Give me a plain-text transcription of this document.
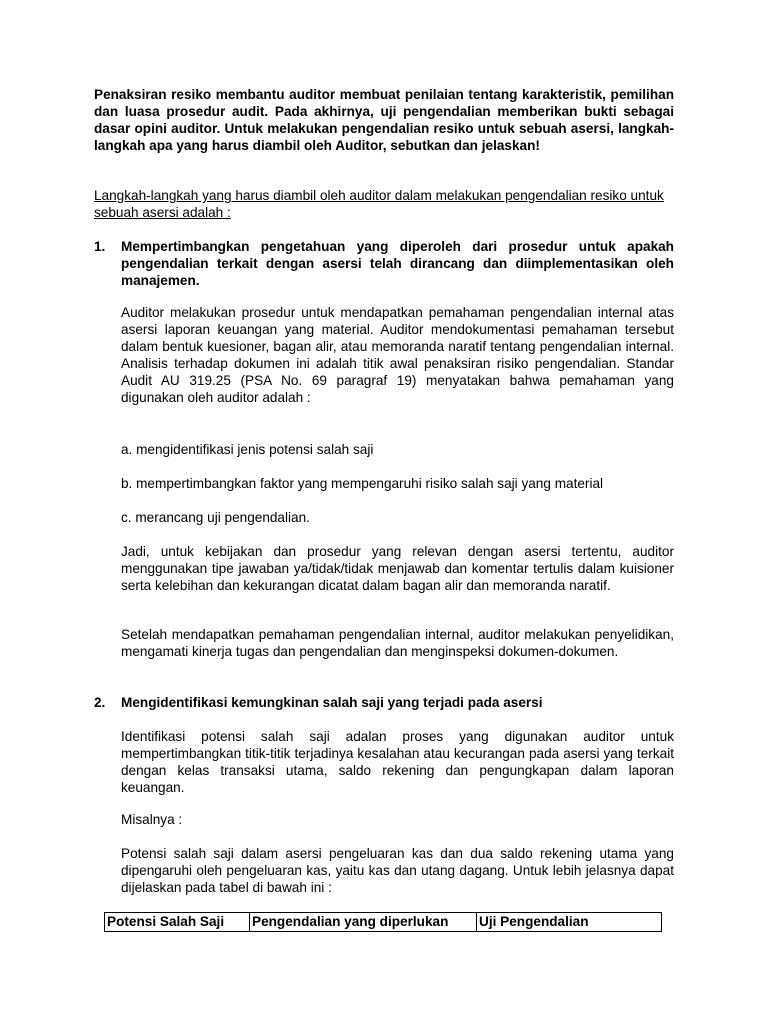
Penaksiran resiko membantu auditor membuat penilaian tentang karakteristik, pemilihan dan luasa prosedur audit. Pada akhirnya, uji pengendalian memberikan bukti sebagai dasar opini auditor. Untuk melakukan pengendalian resiko untuk sebuah asersi, langkah-langkah apa yang harus diambil oleh Auditor, sebutkan dan jelaskan!

Langkah-langkah yang harus diambil oleh auditor dalam melakukan pengendalian resiko untuk sebuah asersi adalah :

1. Mempertimbangkan pengetahuan yang diperoleh dari prosedur untuk apakah pengendalian terkait dengan asersi telah dirancang dan diimplementasikan oleh manajemen.

Auditor melakukan prosedur untuk mendapatkan pemahaman pengendalian internal atas asersi laporan keuangan yang material. Auditor mendokumentasi pemahaman tersebut dalam bentuk kuesioner, bagan alir, atau memoranda naratif tentang pengendalian internal. Analisis terhadap dokumen ini adalah titik awal penaksiran risiko pengendalian. Standar Audit AU 319.25 (PSA No. 69 paragraf 19) menyatakan bahwa pemahaman yang digunakan oleh auditor adalah :

a. mengidentifikasi jenis potensi salah saji

b. mempertimbangkan faktor yang mempengaruhi risiko salah saji yang material

c. merancang uji pengendalian.

Jadi, untuk kebijakan dan prosedur yang relevan dengan asersi tertentu, auditor menggunakan tipe jawaban ya/tidak/tidak menjawab dan komentar tertulis dalam kuisioner serta kelebihan dan kekurangan dicatat dalam bagan alir dan memoranda naratif.

Setelah mendapatkan pemahaman pengendalian internal, auditor melakukan penyelidikan, mengamati kinerja tugas dan pengendalian dan menginspeksi dokumen-dokumen.

2. Mengidentifikasi kemungkinan salah saji yang terjadi pada asersi

Identifikasi potensi salah saji adalan proses yang digunakan auditor untuk mempertimbangkan titik-titik terjadinya kesalahan atau kecurangan pada asersi yang terkait dengan kelas transaksi utama, saldo rekening dan pengungkapan dalam laporan keuangan.

Misalnya :

Potensi salah saji dalam asersi pengeluaran kas dan dua saldo rekening utama yang dipengaruhi oleh pengeluaran kas, yaitu kas dan utang dagang. Untuk lebih jelasnya dapat dijelaskan pada tabel di bawah ini :

Potensi Salah Saji	Pengendalian yang diperlukan	Uji Pengendalian
